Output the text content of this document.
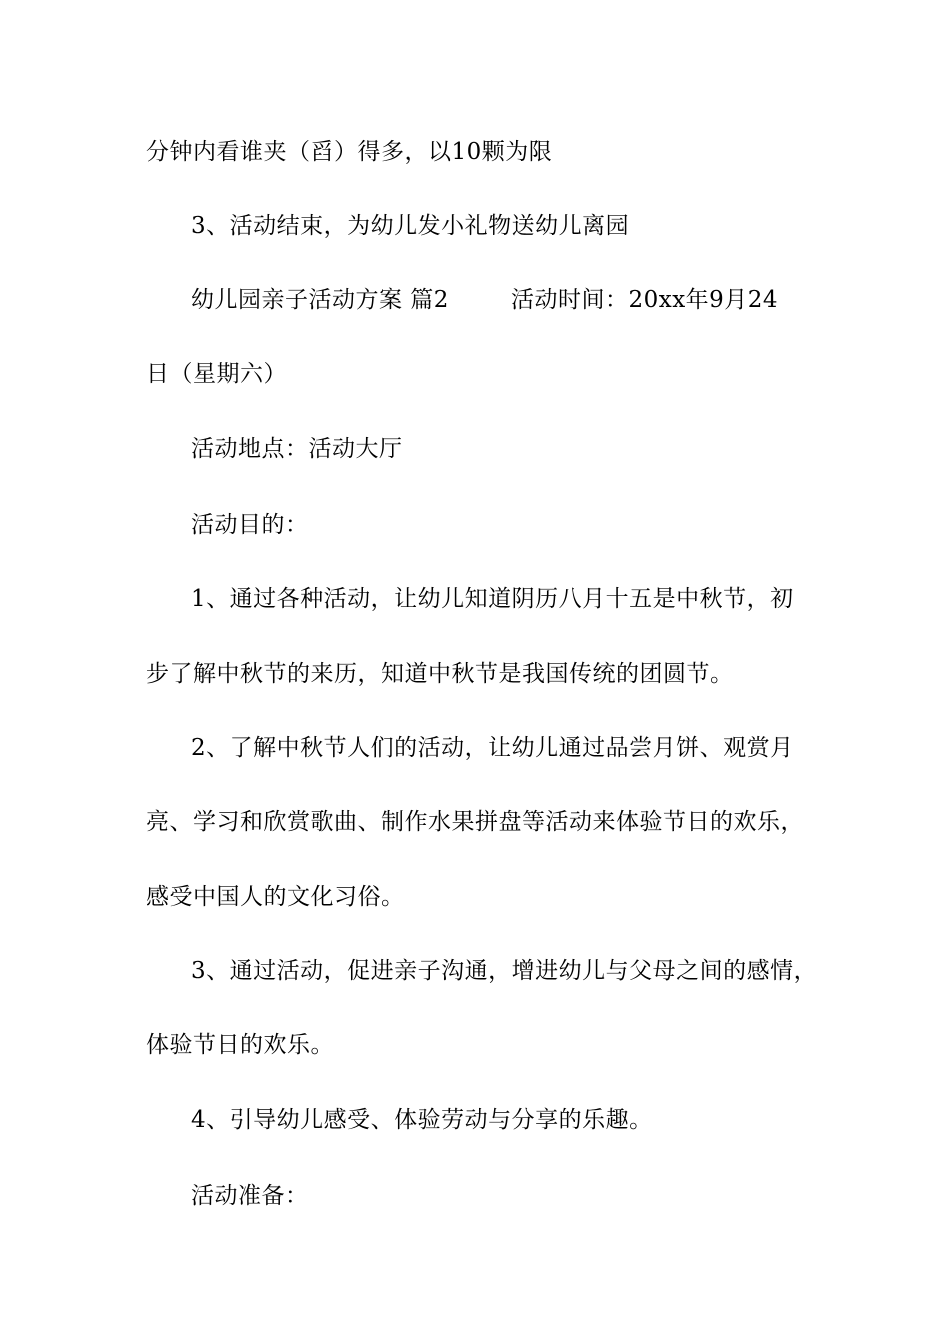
分钟内看谁夹（舀）得多，以10颗为限
3、活动结束，为幼儿发小礼物送幼儿离园
幼儿园亲子活动方案 篇2	活动时间：20xx年9月24
日（星期六）
活动地点：活动大厅
活动目的：
1、通过各种活动，让幼儿知道阴历八月十五是中秋节，初
步了解中秋节的来历，知道中秋节是我国传统的团圆节。
2、了解中秋节人们的活动，让幼儿通过品尝月饼、观赏月
亮、学习和欣赏歌曲、制作水果拼盘等活动来体验节日的欢乐，
感受中国人的文化习俗。
3、通过活动，促进亲子沟通，增进幼儿与父母之间的感情，
体验节日的欢乐。
4、引导幼儿感受、体验劳动与分享的乐趣。
活动准备：
